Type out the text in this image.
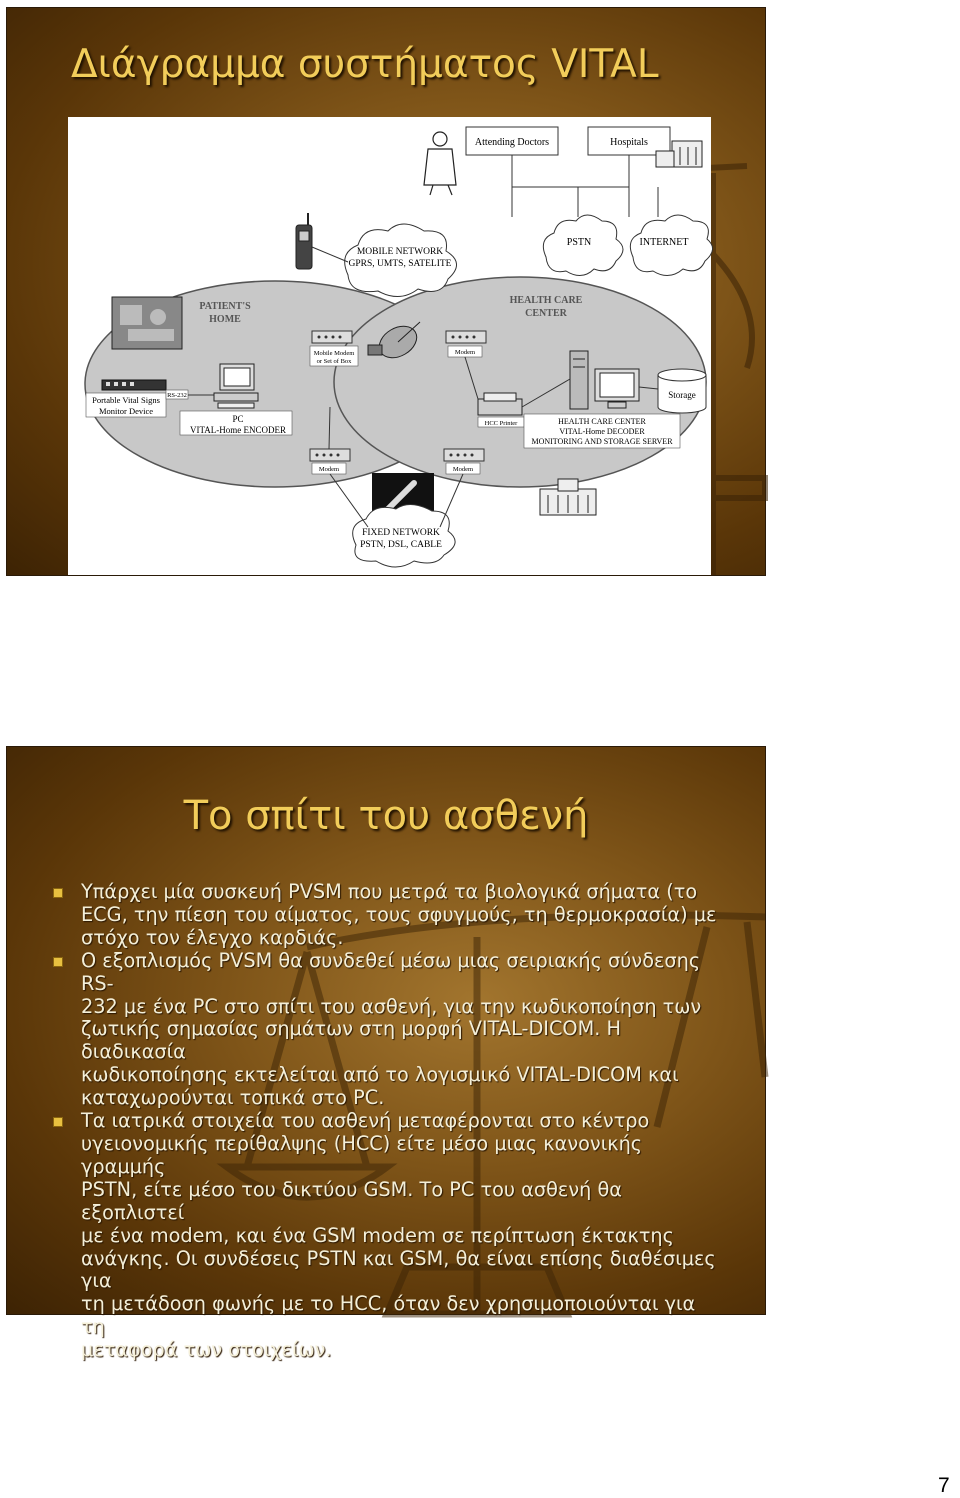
Διάγραμμα συστήματος VITAL
Attending Doctors	Hospitals
PSTN	INTERNET
MOBILE NETWORK
GPRS, UMTS, SATELITE
PATIENT'S
HOME
HEALTH CARE
CENTER
Mobile Modem
or Set of Box
Modem
Portable Vital Signs
Monitor Device
RS-232
PC
VITAL-Home ENCODER
HCC Printer
Storage
HEALTH CARE CENTER
VITAL-Home DECODER
MONITORING AND STORAGE SERVER
Modem	Modem
FIXED NETWORK
PSTN, DSL, CABLE
Το σπίτι του ασθενή
Υπάρχει μία συσκευή PVSM που μετρά τα βιολογικά σήματα (το
ECG, την πίεση του αίματος, τους σφυγμούς, τη θερμοκρασία) με
στόχο τον έλεγχο καρδιάς.
Ο εξοπλισμός PVSM θα συνδεθεί μέσω μιας σειριακής σύνδεσης RS-
232 με ένα PC στο σπίτι του ασθενή, για την κωδικοποίηση των
ζωτικής σημασίας σημάτων στη μορφή VITAL-DICOM. Η διαδικασία
κωδικοποίησης εκτελείται από το λογισμικό VITAL-DICOM και
καταχωρούνται τοπικά στο PC.
Τα ιατρικά στοιχεία του ασθενή μεταφέρονται στο κέντρο
υγειονομικής περίθαλψης (HCC) είτε μέσο μιας κανονικής γραμμής
PSTN, είτε μέσο του δικτύου GSM. Το PC του ασθενή θα εξοπλιστεί
με ένα modem, και ένα GSM modem σε περίπτωση έκτακτης
ανάγκης. Οι συνδέσεις PSTN και GSM, θα είναι επίσης διαθέσιμες για
τη μετάδοση φωνής με το HCC, όταν δεν χρησιμοποιούνται για τη
μεταφορά των στοιχείων.
7
